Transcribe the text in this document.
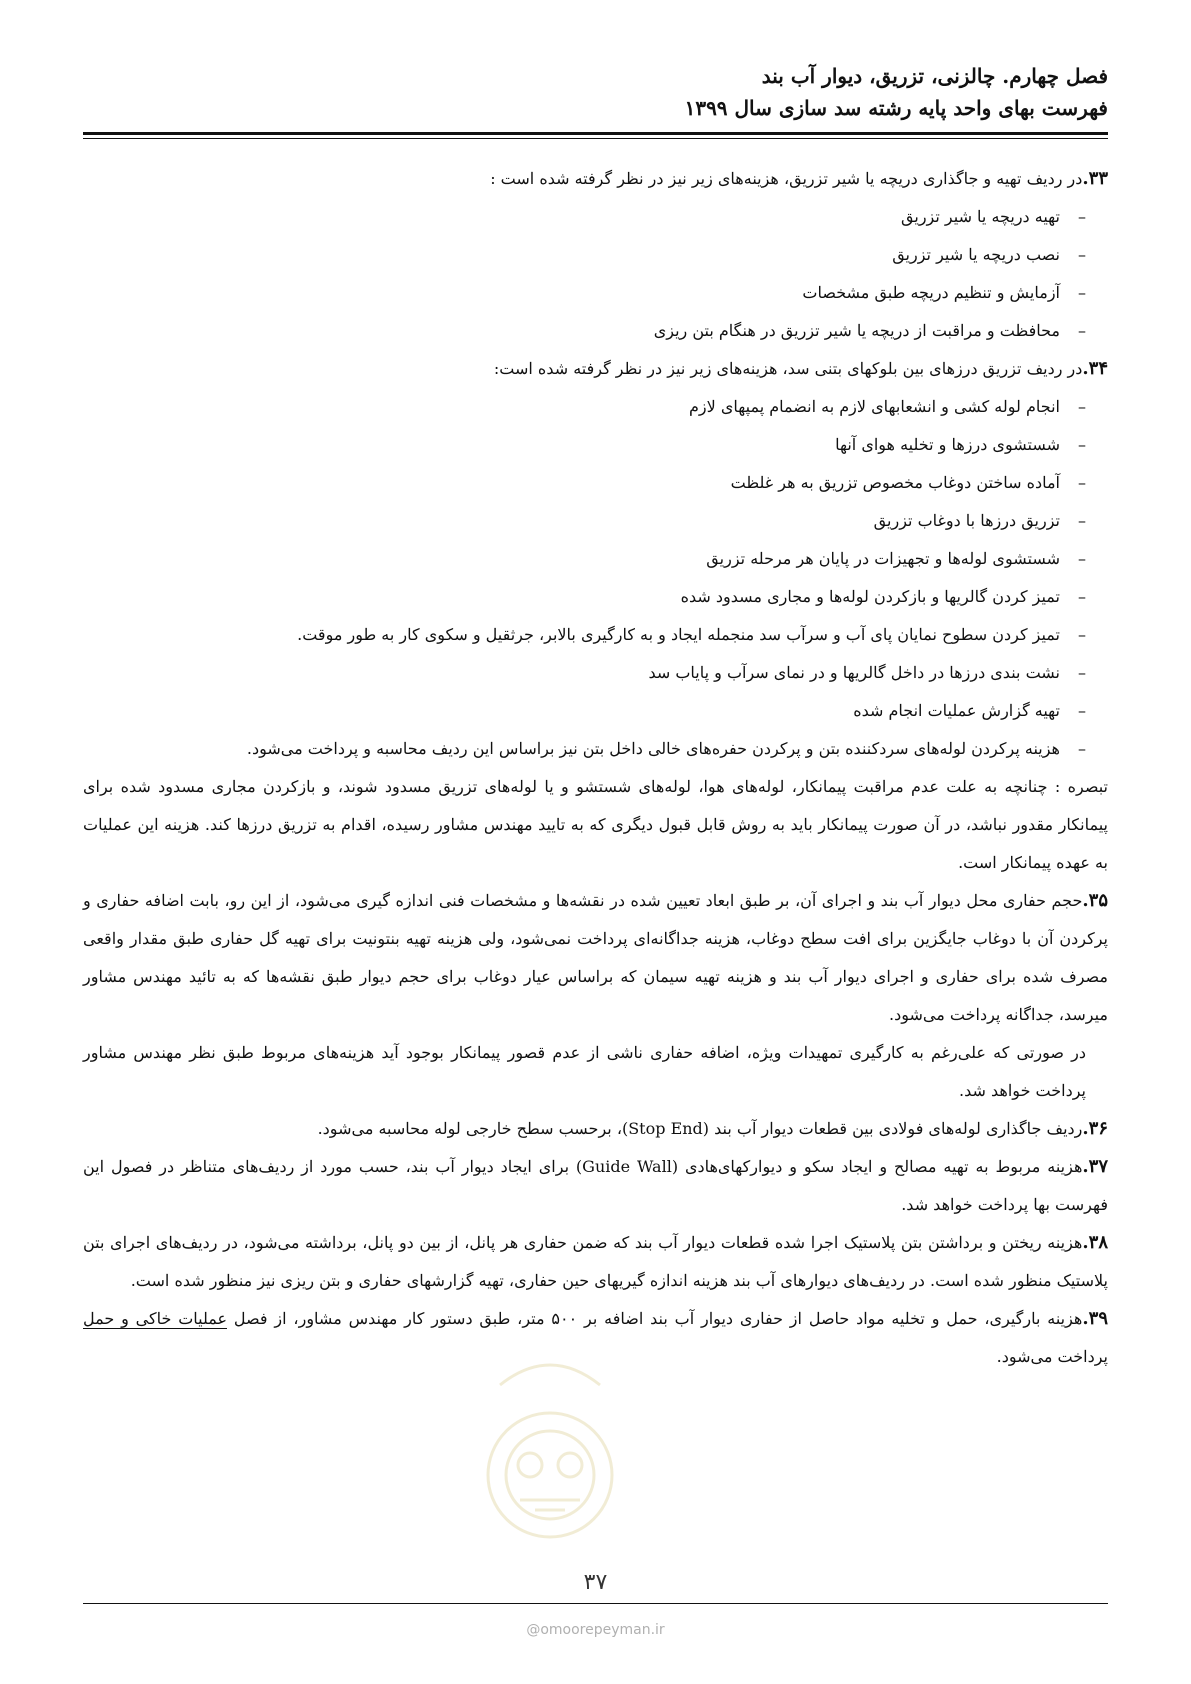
فصل چهارم. چالزنی، تزریق، دیوار آب بند
فهرست بهای واحد پایه رشته سد سازی سال ۱۳۹۹

۳۳.در ردیف تهیه و جاگذاری دریچه یا شیر تزریق، هزینه‌های زیر نیز در نظر گرفته شده است :

–
تهیه دریچه یا شیر تزریق
–
نصب دریچه یا شیر تزریق
–
آزمایش و تنظیم دریچه طبق مشخصات
–
محافظت و مراقبت از دریچه یا شیر تزریق در هنگام بتن ریزی

۳۴.در ردیف تزریق درزهای بین بلوکهای بتنی سد، هزینه‌های زیر نیز در نظر گرفته شده است:

–
انجام لوله کشی و انشعابهای لازم به انضمام پمپهای لازم
–
شستشوی درزها و تخلیه هوای آنها
–
آماده ساختن دوغاب مخصوص تزریق به هر غلظت
–
تزریق درزها با دوغاب تزریق
–
شستشوی لوله‌ها و تجهیزات در پایان هر مرحله تزریق
–
تمیز کردن گالریها و بازکردن لوله‌ها و مجاری مسدود شده
–
تمیز کردن سطوح نمایان پای آب و سرآب سد منجمله ایجاد و به کارگیری بالابر، جرثقیل و سکوی کار به طور موقت.
–
نشت بندی درزها در داخل گالریها و در نمای سرآب و پایاب سد
–
تهیه گزارش عملیات انجام شده
–
هزینه پرکردن لوله‌های سردکننده بتن و پرکردن حفره‌های خالی داخل بتن نیز براساس این ردیف محاسبه و پرداخت می‌شود.

تبصره : چنانچه به علت عدم مراقبت پیمانکار، لوله‌های هوا، لوله‌های شستشو و یا لوله‌های تزریق مسدود شوند، و بازکردن مجاری مسدود شده برای پیمانکار مقدور نباشد، در آن صورت پیمانکار باید به روش قابل قبول دیگری که به تایید مهندس مشاور رسیده، اقدام به تزریق درزها کند. هزینه این عملیات به عهده پیمانکار است.

۳۵.حجم حفاری محل دیوار آب بند و اجرای آن، بر طبق ابعاد تعیین شده در نقشه‌ها و مشخصات فنی اندازه گیری می‌شود، از این رو، بابت اضافه حفاری و پرکردن آن با دوغاب جایگزین برای افت سطح دوغاب، هزینه جداگانه‌ای پرداخت نمی‌شود، ولی هزینه تهیه بنتونیت برای تهیه گل حفاری طبق مقدار واقعی مصرف شده برای حفاری و اجرای دیوار آب بند و هزینه تهیه سیمان که براساس عیار دوغاب برای حجم دیوار طبق نقشه‌ها که به تائید مهندس مشاور میرسد، جداگانه پرداخت می‌شود.

در صورتی که علی‌رغم به کارگیری تمهیدات ویژه، اضافه حفاری ناشی از عدم قصور پیمانکار بوجود آید هزینه‌های مربوط طبق نظر مهندس مشاور پرداخت خواهد شد.

۳۶.ردیف جاگذاری لوله‌های فولادی بین قطعات دیوار آب بند (Stop End)، برحسب سطح خارجی لوله محاسبه می‌شود.

۳۷.هزینه مربوط به تهیه مصالح و ایجاد سکو و دیوارکهای‌هادی (Guide Wall) برای ایجاد دیوار آب بند، حسب مورد از ردیف‌های متناظر در فصول این فهرست بها پرداخت خواهد شد.

۳۸.هزینه ریختن و برداشتن بتن پلاستیک اجرا شده قطعات دیوار آب بند که ضمن حفاری هر پانل، از بین دو پانل، برداشته می‌شود، در ردیف‌های اجرای بتن پلاستیک منظور شده است. در ردیف‌های دیوارهای آب بند هزینه اندازه گیریهای حین حفاری، تهیه گزارشهای حفاری و بتن ریزی نیز منظور شده است.

۳۹.هزینه بارگیری، حمل و تخلیه مواد حاصل از حفاری دیوار آب بند اضافه بر ۵۰۰ متر، طبق دستور کار مهندس مشاور، از فصل عملیات خاکی و حمل پرداخت می‌شود.

۳۷
@omoorepeyman.ir
